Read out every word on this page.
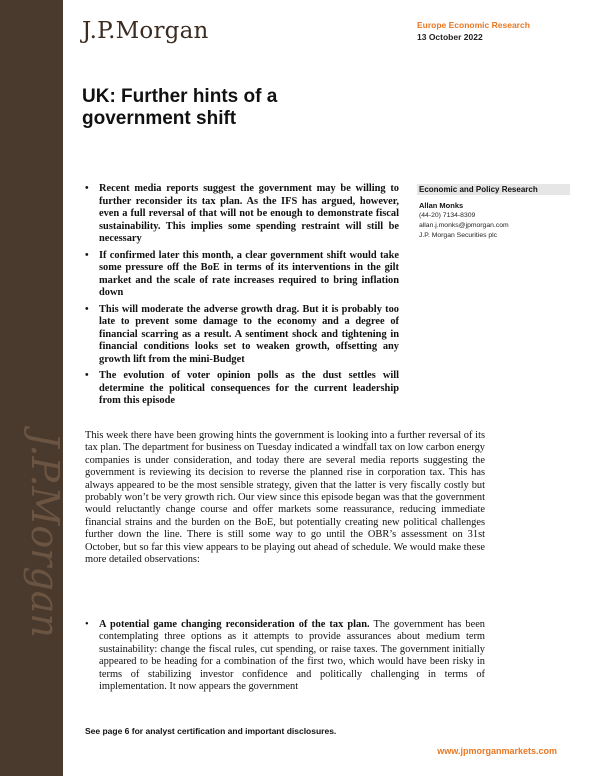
J.P.Morgan
J.P.Morgan	Europe Economic Research
13 October 2022
UK: Further hints of a government shift
• Recent media reports suggest the government may be willing to further reconsider its tax plan. As the IFS has argued, however, even a full reversal of that will not be enough to demonstrate fiscal sustainability. This implies some spending restraint will still be necessary
• If confirmed later this month, a clear government shift would take some pressure off the BoE in terms of its interventions in the gilt market and the scale of rate increases required to bring inflation down
• This will moderate the adverse growth drag. But it is probably too late to prevent some damage to the economy and a degree of financial scarring as a result. A sentiment shock and tightening in financial conditions looks set to weaken growth, offsetting any growth lift from the mini-Budget
• The evolution of voter opinion polls as the dust settles will determine the political consequences for the current leadership from this episode
Economic and Policy Research
Allan Monks
(44-20) 7134-8309
allan.j.monks@jpmorgan.com
J.P. Morgan Securities plc

This week there have been growing hints the government is looking into a further reversal of its tax plan. The department for business on Tuesday indicated a windfall tax on low carbon energy companies is under consideration, and today there are several media reports suggesting the government is reviewing its decision to reverse the planned rise in corporation tax. This has always appeared to be the most sensible strategy, given that the latter is very fiscally costly but probably won’t be very growth rich. Our view since this episode began was that the government would reluctantly change course and offer markets some reassurance, reducing immediate financial strains and the burden on the BoE, but potentially creating new political challenges further down the line. There is still some way to go until the OBR’s assessment on 31st October, but so far this view appears to be playing out ahead of schedule. We would make these more detailed observations:

• A potential game changing reconsideration of the tax plan. The government has been contemplating three options as it attempts to provide assurances about medium term sustainability: change the fiscal rules, cut spending, or raise taxes. The government initially appeared to be heading for a combination of the first two, which would have been risky in terms of stabilizing investor confidence and politically challenging in terms of implementation. It now appears the government
See page 6 for analyst certification and important disclosures.
www.jpmorganmarkets.com
